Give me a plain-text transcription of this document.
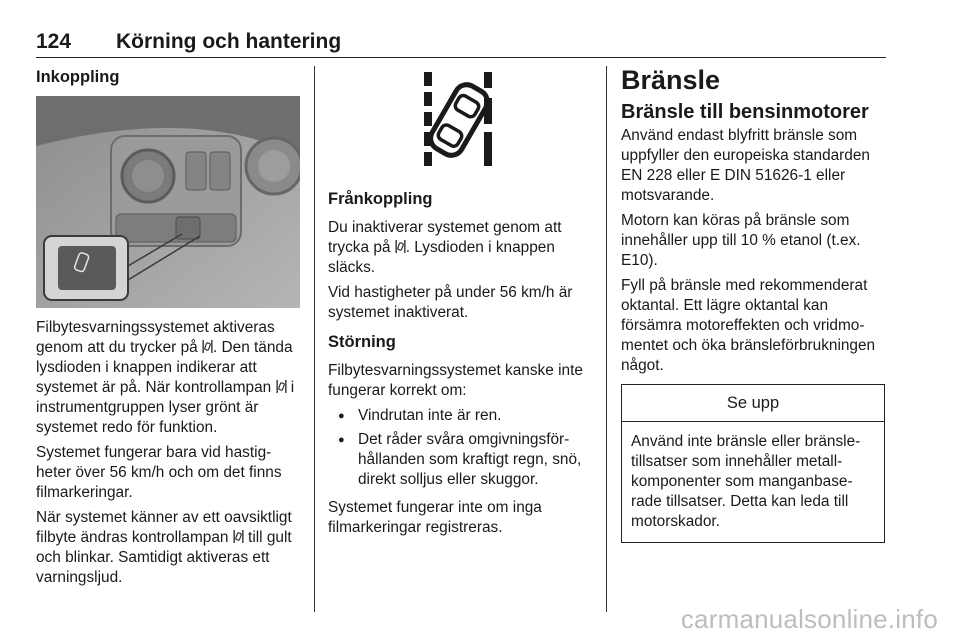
124 Körning och hantering
Inkoppling

Filbytesvarningssystemet aktiveras genom att du trycker på . Den tända lysdioden i knappen indikerar att systemet är på. När kontrollampan  i instrumentgruppen lyser grönt är systemet redo för funktion.

Systemet fungerar bara vid hastig-heter över 56 km/h och om det finns filmarkeringar.

När systemet känner av ett oavsiktligt filbyte ändras kontrollampan  till gult och blinkar. Samtidigt aktiveras ett varningsljud.

Frånkoppling

Du inaktiverar systemet genom att trycka på . Lysdioden i knappen släcks.

Vid hastigheter på under 56 km/h är systemet inaktiverat.

Störning

Filbytesvarningssystemet kanske inte fungerar korrekt om:

● Vindrutan inte är ren.
● Det råder svåra omgivningsför-hållanden som kraftigt regn, snö, direkt solljus eller skuggor.

Systemet fungerar inte om inga filmarkeringar registreras.

Bränsle
Bränsle till bensinmotorer

Använd endast blyfritt bränsle som uppfyller den europeiska standarden EN 228 eller E DIN 51626-1 eller motsvarande.

Motorn kan köras på bränsle som innehåller upp till 10 % etanol (t.ex. E10).

Fyll på bränsle med rekommenderat oktantal. Ett lägre oktantal kan försämra motoreffekten och vridmo-mentet och öka bränsleförbrukningen något.

Se upp
Använd inte bränsle eller bränsle-tillsatser som innehåller metall-komponenter som manganbase-rade tillsatser. Detta kan leda till motorskador.
carmanualsonline.info
